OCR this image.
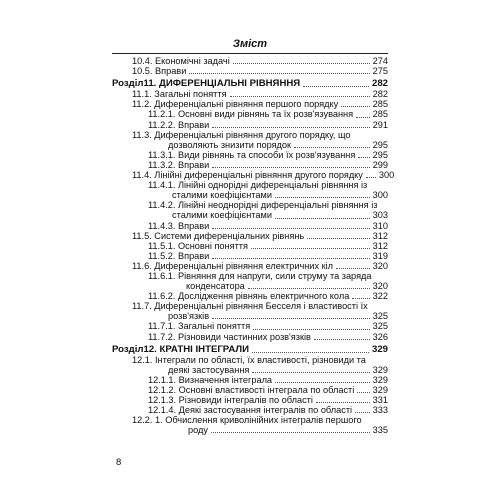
Зміст
10.4. Економічні задачі	274
10.5. Вправи	275
Розділ11. ДИФЕРЕНЦІАЛЬНІ РІВНЯННЯ	282
11.1. Загальні поняття	282
11.2. Диференціальні рівняння першого порядку	285
11.2.1. Основні види рівнянь та їх розв'язування 285
11.2.2. Вправи	291
11.3. Диференціальні рівняння другого порядку, що
дозволяють знизити порядок	295
11.3.1. Види рівнянь та способи їх розв'язування 295
11.3.2. Вправи	299
11.4. Лінійні диференціальні рівняння другого порядку 300
11.4.1. Лінійні однорідні диференціальні рівняння із
сталими коефіцієнтами	300
11.4.2. Лінійні неоднорідні диференціальні рівняння із
сталими коефіцієнтами	303
11.4.3. Вправи	310
11.5. Системи диференціальних рівнянь	312
11.5.1. Основні поняття	312
11.5.2. Вправи	319
11.6. Диференціальні рівняння електричних кіл	320
11.6.1. Рівняння для напруги, сили струму та заряда
конденсатора	320
11.6.2. Дослідження рівнянь електричного кола	322
11.7. Диференціальні рівняння Бесселя і властивості їх
розв'язків	325
11.7.1. Загальні поняття	325
11.7.2. Різновиди частинних розв'язків	326
Розділ12. КРАТНІ ІНТЕГРАЛИ	329
12.1. Інтеграли по області, їх властивості, різновиди та
деякі застосування	329
12.1.1. Визначення інтеграла	329
12.1.2. Основні властивості інтеграла по області 329
12.1.3. Різновиди інтегралів по області	331
12.1.4. Деякі застосування інтегралів по області 333
12.2. 1. Обчислення криволінійних інтегралів першого
роду	335
8
